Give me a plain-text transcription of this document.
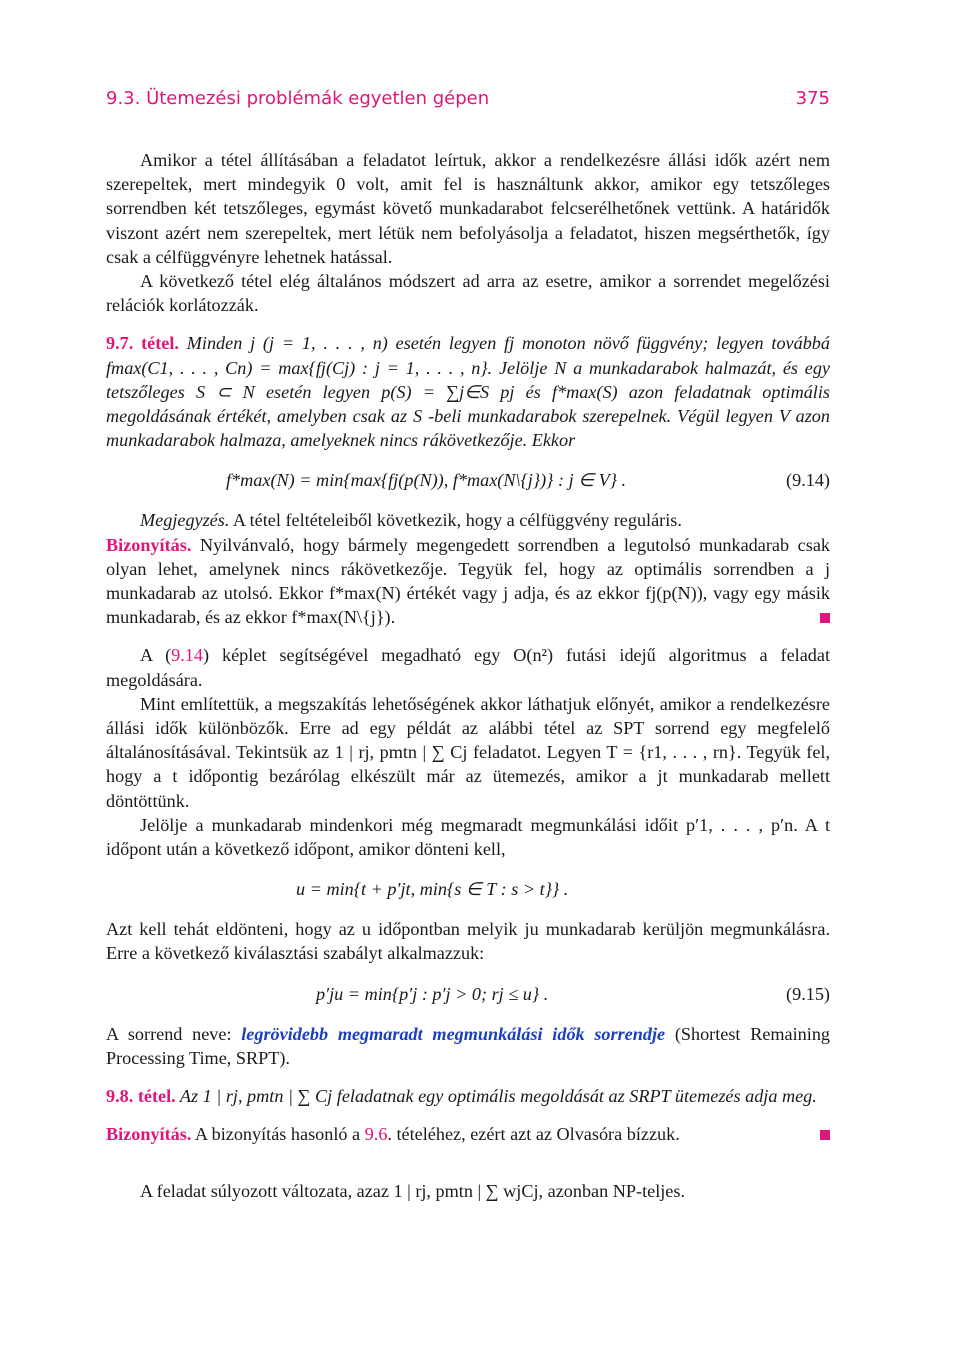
9.3. Ütemezési problémák egyetlen gépen	375

Amikor a tétel állításában a feladatot leírtuk, akkor a rendelkezésre állási idők azért nem szerepeltek, mert mindegyik 0 volt, amit fel is használtunk akkor, amikor egy tetszőleges sorrendben két tetszőleges, egymást követő munkadarabot felcserélhetőnek vettünk. A határidők viszont azért nem szerepeltek, mert létük nem befolyásolja a feladatot, hiszen megsérthetők, így csak a célfüggvényre lehetnek hatással.

A következő tétel elég általános módszert ad arra az esetre, amikor a sorrendet megelőzési relációk korlátozzák.

9.7. tétel. Minden j (j = 1, . . . , n) esetén legyen fj monoton növő függvény; legyen továbbá fmax(C1, . . . , Cn) = max{fj(Cj) : j = 1, . . . , n}. Jelölje N a munkadarabok halmazát, és egy tetszőleges S ⊂ N esetén legyen p(S) = ∑j∈S pj és f*max(S) azon feladatnak optimális megoldásának értékét, amelyben csak az S -beli munkadarabok szerepelnek. Végül legyen V azon munkadarabok halmaza, amelyeknek nincs rákövetkezője. Ekkor

f*max(N) = min{max{fj(p(N)), f*max(N\{j})} : j ∈ V} .	(9.14)

Megjegyzés. A tétel feltételeiből következik, hogy a célfüggvény reguláris.

Bizonyítás. Nyilvánvaló, hogy bármely megengedett sorrendben a legutolsó munkadarab csak olyan lehet, amelynek nincs rákövetkezője. Tegyük fel, hogy az optimális sorrendben a j munkadarab az utolsó. Ekkor f*max(N) értékét vagy j adja, és az ekkor fj(p(N)), vagy egy másik munkadarab, és az ekkor f*max(N\{j}).

A (9.14) képlet segítségével megadható egy O(n²) futási idejű algoritmus a feladat megoldására.

Mint említettük, a megszakítás lehetőségének akkor láthatjuk előnyét, amikor a rendelkezésre állási idők különbözők. Erre ad egy példát az alábbi tétel az SPT sorrend egy megfelelő általánosításával. Tekintsük az 1 | rj, pmtn | ∑ Cj feladatot. Legyen T = {r1, . . . , rn}. Tegyük fel, hogy a t időpontig bezárólag elkészült már az ütemezés, amikor a jt munkadarab mellett döntöttünk.

Jelölje a munkadarab mindenkori még megmaradt megmunkálási időit p′1, . . . , p′n. A t időpont után a következő időpont, amikor dönteni kell,

u = min{t + p′jt, min{s ∈ T : s > t}} .

Azt kell tehát eldönteni, hogy az u időpontban melyik ju munkadarab kerüljön megmunkálásra. Erre a következő kiválasztási szabályt alkalmazzuk:

p′ju = min{p′j : p′j > 0; rj ≤ u} .	(9.15)

A sorrend neve: legrövidebb megmaradt megmunkálási idők sorrendje (Shortest Remaining Processing Time, SRPT).

9.8. tétel. Az 1 | rj, pmtn | ∑ Cj feladatnak egy optimális megoldását az SRPT ütemezés adja meg.

Bizonyítás. A bizonyítás hasonló a 9.6. tételéhez, ezért azt az Olvasóra bízzuk.

A feladat súlyozott változata, azaz 1 | rj, pmtn | ∑ wjCj, azonban NP-teljes.
